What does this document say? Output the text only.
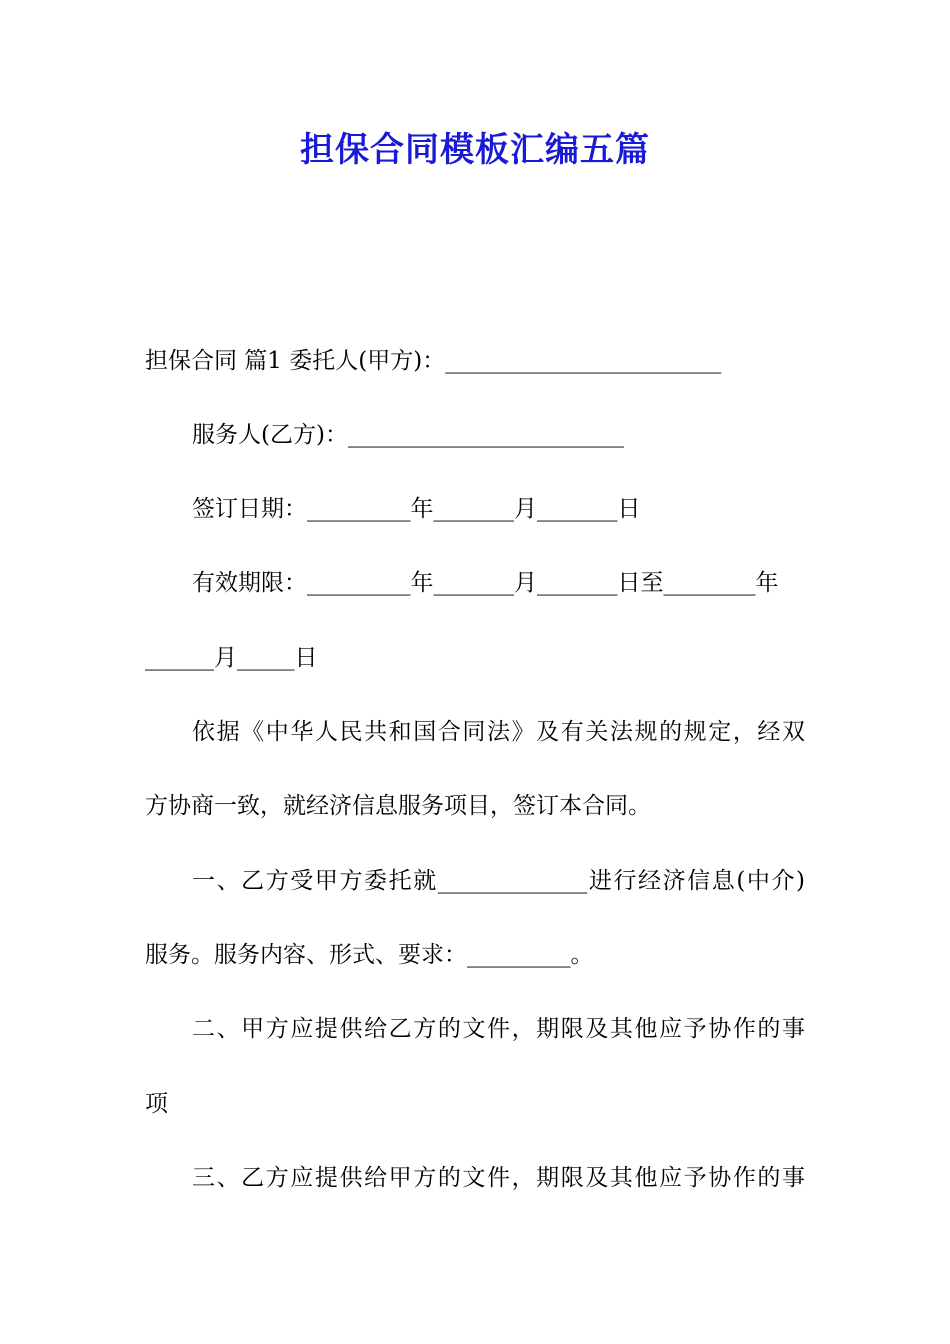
担保合同模板汇编五篇

担保合同 篇1 委托人(甲方)：________________________

服务人(乙方)：________________________

签订日期：_________年_______月_______日

有效期限：_________年_______月_______日至________年

______月_____日

依据《中华人民共和国合同法》及有关法规的规定，经双

方协商一致，就经济信息服务项目，签订本合同。

一、乙方受甲方委托就_____________进行经济信息(中介)

服务。服务内容、形式、要求：_________。

二、甲方应提供给乙方的文件，期限及其他应予协作的事

项

三、乙方应提供给甲方的文件，期限及其他应予协作的事
